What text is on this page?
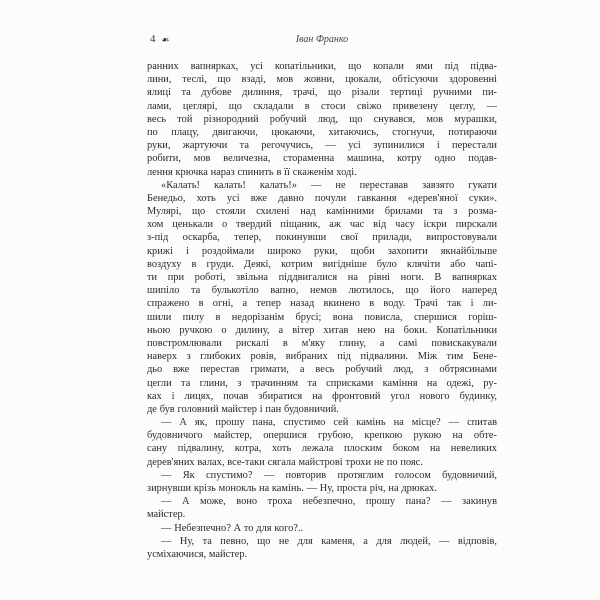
4 ❧	Іван Франко
ранних вапнярках, усі копатільники, що копали ями під підва-
лини, теслі, що взаді, мов жовни, цюкали, обтісуючи здоровенні
ялиці та дубове дилиння, трачі, що різали тертиці ручними пи-
лами, цеглярі, що складали в стоси свіжо привезену цеглу, —
весь той різнородний робучий люд, що снувався, мов мурашки,
по плацу, двигаючи, цюкаючи, хитаючись, стогнучи, потираючи
руки, жартуючи та регочучись, — усі зупинилися і перестали
робити, мов величезна, стораменна машина, котру одно подав-
лення крючка нараз спинить в її скаженім ході.
«Калать! калать! калать!» — не переставав завзято гукати
Бенедьо, хоть усі вже давно почули гавкання «дерев'яної суки».
Мулярі, що стояли схилені над камінними брилами та з розма-
хом ценькали о твердий піщаник, аж час від часу іскри пирскали
з-під оскарба, тепер, покинувши свої прилади, випростовували
крижі і роздоймали широко руки, щоби захопити якнайбільше
воздуху в груди. Деякі, котрим вигідніше було клячіти або чапі-
ти при роботі, звільна піддвигалися на рівні ноги. В вапнярках
шипіло та булькотіло вапно, немов лютилось, що його наперед
спражено в огні, а тепер назад вкинено в воду. Трачі так і ли-
шили пилу в недорізанім брусі; вона повисла, спершися горіш-
ньою ручкою о дилину, а вітер хитав нею на боки. Копатільники
повстромлювали рискалі в м'яку глину, а самі повискакували
наверх з глибоких ровів, вибраних під підвалини. Між тим Бене-
дьо вже перестав гримати, а весь робучий люд, з обтрясинами
цегли та глини, з трачинням та сприсками каміння на одежі, ру-
ках і лицях, почав збиратися на фронтовий угол нового будинку,
де був головний майстер і пан будовничий.
— А як, прошу пана, спустимо сей камінь на місце? — спитав
будовничого майстер, опершися грубою, крепкою рукою на обте-
сану підвалину, котра, хоть лежала плоским боком на невеликих
дерев'яних валах, все-таки сягала майстрові трохи не по пояс.
— Як спустимо? — повторив протяглим голосом будовничий,
зирнувши крізь монокль на камінь. — Ну, проста річ, на дрюках.
— А може, воно троха небезпечно, прошу пана? — закинув
майстер.
— Небезпечно? А то для кого?..
— Ну, та певно, що не для каменя, а для людей, — відповів,
усміхаючися, майстер.
